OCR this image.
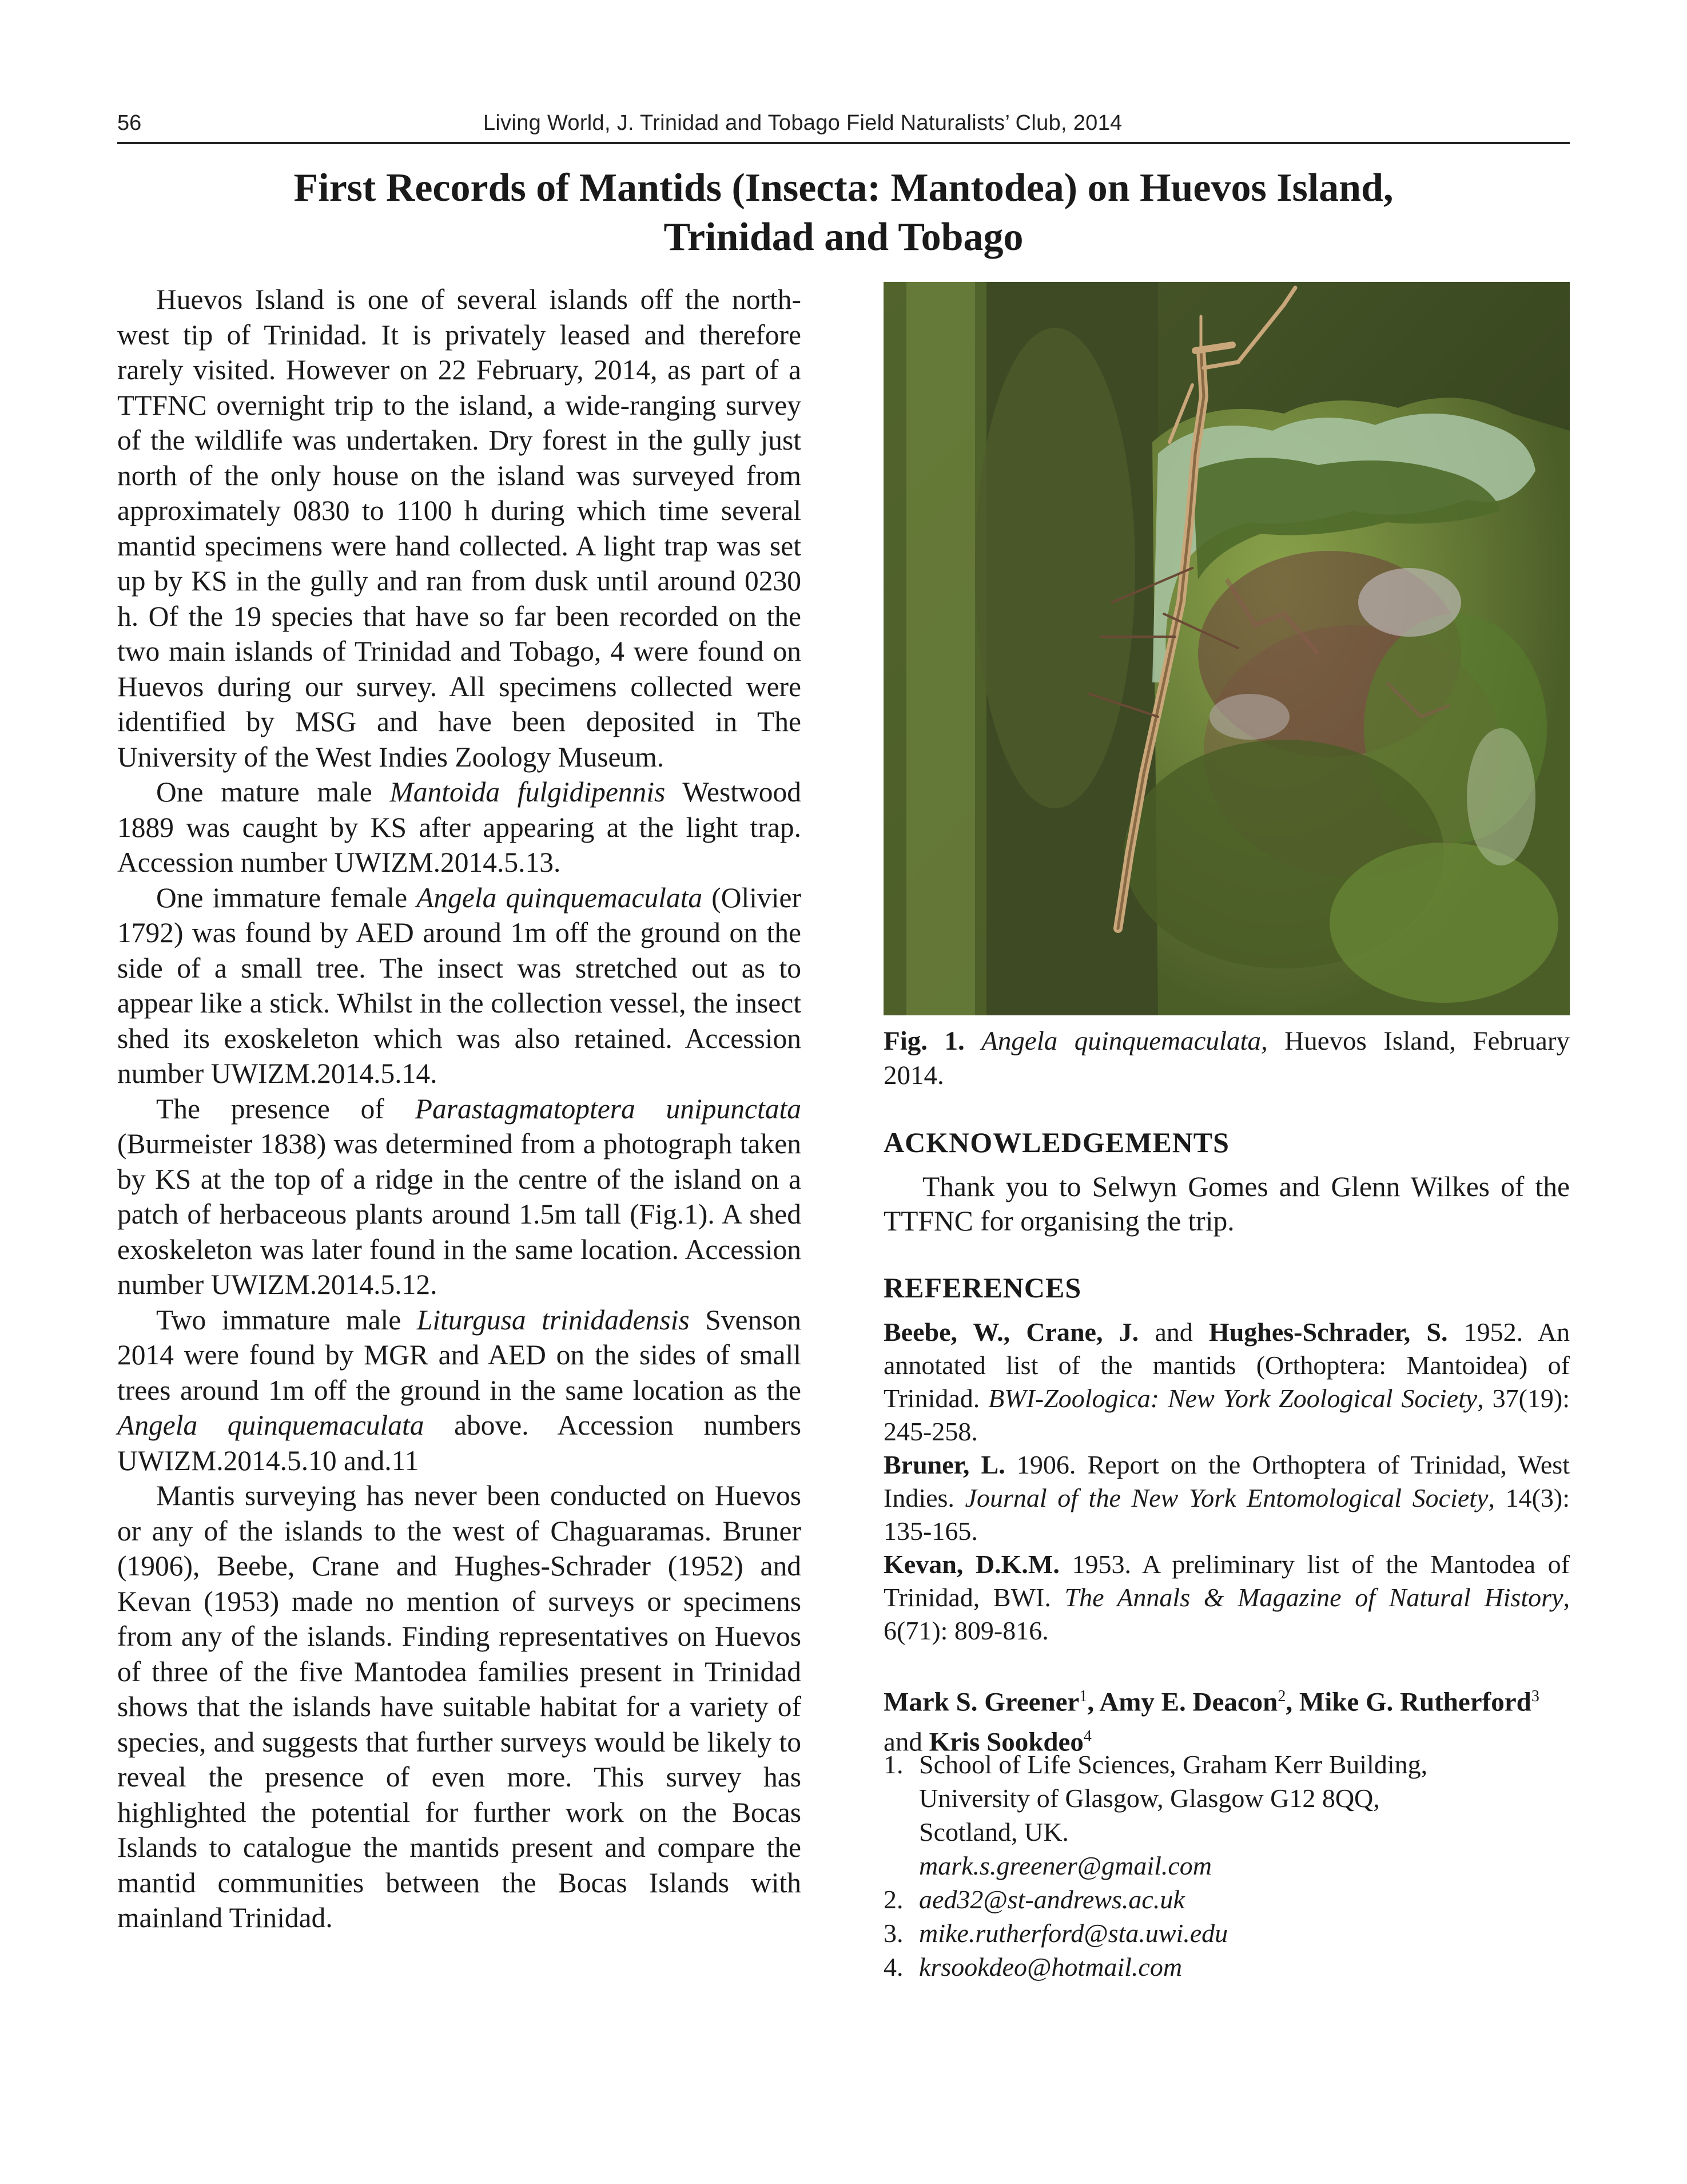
56	Living World, J. Trinidad and Tobago Field Naturalists’ Club, 2014
First Records of Mantids (Insecta: Mantodea) on Huevos Island,
Trinidad and Tobago

Huevos Island is one of several islands off the north-west tip of Trinidad. It is privately leased and therefore rarely visited. However on 22 February, 2014, as part of a TTFNC overnight trip to the island, a wide-ranging survey of the wildlife was undertaken. Dry forest in the gully just north of the only house on the island was surveyed from approximately 0830 to 1100 h during which time several mantid specimens were hand collected. A light trap was set up by KS in the gully and ran from dusk until around 0230 h. Of the 19 species that have so far been recorded on the two main islands of Trinidad and Tobago, 4 were found on Huevos during our survey. All specimens collected were identified by MSG and have been deposited in The University of the West Indies Zoology Museum.

One mature male Mantoida fulgidipennis Westwood 1889 was caught by KS after appearing at the light trap. Accession number UWIZM.2014.5.13.

One immature female Angela quinquemaculata (Olivier 1792) was found by AED around 1m off the ground on the side of a small tree. The insect was stretched out as to appear like a stick. Whilst in the collection vessel, the insect shed its exoskeleton which was also retained. Accession number UWIZM.2014.5.14.

The presence of Parastagmatoptera unipunctata (Burmeister 1838) was determined from a photograph taken by KS at the top of a ridge in the centre of the island on a patch of herbaceous plants around 1.5m tall (Fig.1). A shed exoskeleton was later found in the same location. Accession number UWIZM.2014.5.12.

Two immature male Liturgusa trinidadensis Svenson 2014 were found by MGR and AED on the sides of small trees around 1m off the ground in the same location as the Angela quinquemaculata above. Accession numbers UWIZM.2014.5.10 and.11

Mantis surveying has never been conducted on Huevos or any of the islands to the west of Chaguaramas. Bruner (1906), Beebe, Crane and Hughes-Schrader (1952) and Kevan (1953) made no mention of surveys or specimens from any of the islands. Finding representatives on Huevos of three of the five Mantodea families present in Trinidad shows that the islands have suitable habitat for a variety of species, and suggests that further surveys would be likely to reveal the presence of even more. This survey has highlighted the potential for further work on the Bocas Islands to catalogue the mantids present and compare the mantid communities between the Bocas Islands with mainland Trinidad.

Fig. 1. Angela quinquemaculata, Huevos Island, February 2014.
ACKNOWLEDGEMENTS
Thank you to Selwyn Gomes and Glenn Wilkes of the TTFNC for organising the trip.
REFERENCES

Beebe, W., Crane, J. and Hughes-Schrader, S. 1952. An annotated list of the mantids (Orthoptera: Mantoidea) of Trinidad. BWI-Zoologica: New York Zoological Society, 37(19): 245-258.

Bruner, L. 1906. Report on the Orthoptera of Trinidad, West Indies. Journal of the New York Entomological Society, 14(3): 135-165.

Kevan, D.K.M. 1953. A preliminary list of the Mantodea of Trinidad, BWI. The Annals & Magazine of Natural History, 6(71): 809-816.

Mark S. Greener$^1$, Amy E. Deacon$^2$, Mike G. Rutherford$^3$
and Kris Sookdeo$^4$
1. School of Life Sciences, Graham Kerr Building,
University of Glasgow, Glasgow G12 8QQ,
Scotland, UK.
mark.s.greener@gmail.com
2. aed32@st-andrews.ac.uk
3. mike.rutherford@sta.uwi.edu
4. krsookdeo@hotmail.com
